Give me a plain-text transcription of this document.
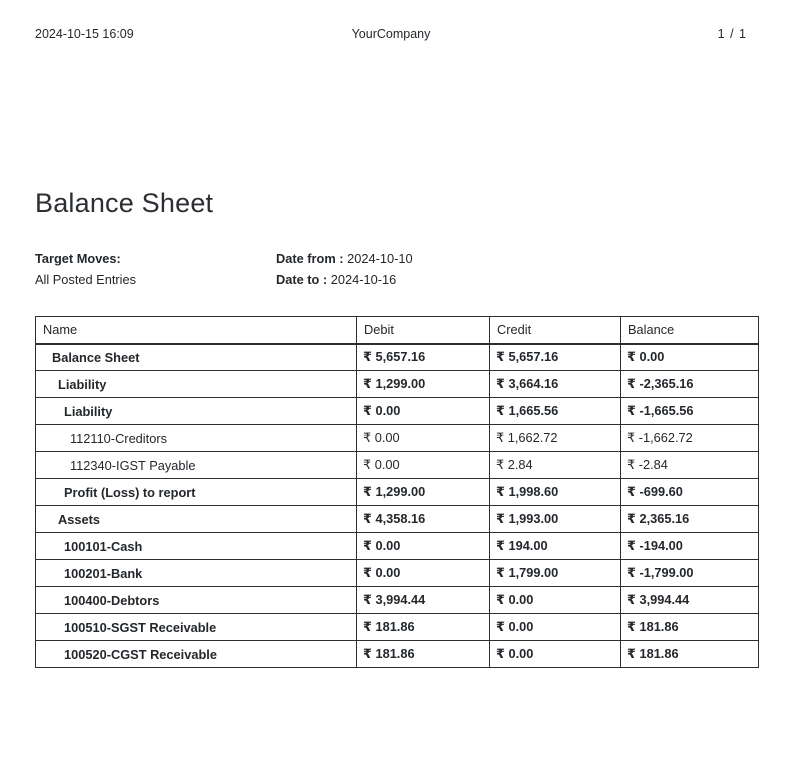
2024-10-15 16:09	YourCompany	1 / 1
Balance Sheet
Target Moves:
All Posted Entries
Date from : 2024-10-10
Date to : 2024-10-16
Name	Debit	Credit	Balance
Balance Sheet	₹ 5,657.16	₹ 5,657.16	₹ 0.00
Liability	₹ 1,299.00	₹ 3,664.16	₹ -2,365.16
Liability	₹ 0.00	₹ 1,665.56	₹ -1,665.56
112110-Creditors	₹ 0.00	₹ 1,662.72	₹ -1,662.72
112340-IGST Payable	₹ 0.00	₹ 2.84	₹ -2.84
Profit (Loss) to report	₹ 1,299.00	₹ 1,998.60	₹ -699.60
Assets	₹ 4,358.16	₹ 1,993.00	₹ 2,365.16
100101-Cash	₹ 0.00	₹ 194.00	₹ -194.00
100201-Bank	₹ 0.00	₹ 1,799.00	₹ -1,799.00
100400-Debtors	₹ 3,994.44	₹ 0.00	₹ 3,994.44
100510-SGST Receivable	₹ 181.86	₹ 0.00	₹ 181.86
100520-CGST Receivable	₹ 181.86	₹ 0.00	₹ 181.86
